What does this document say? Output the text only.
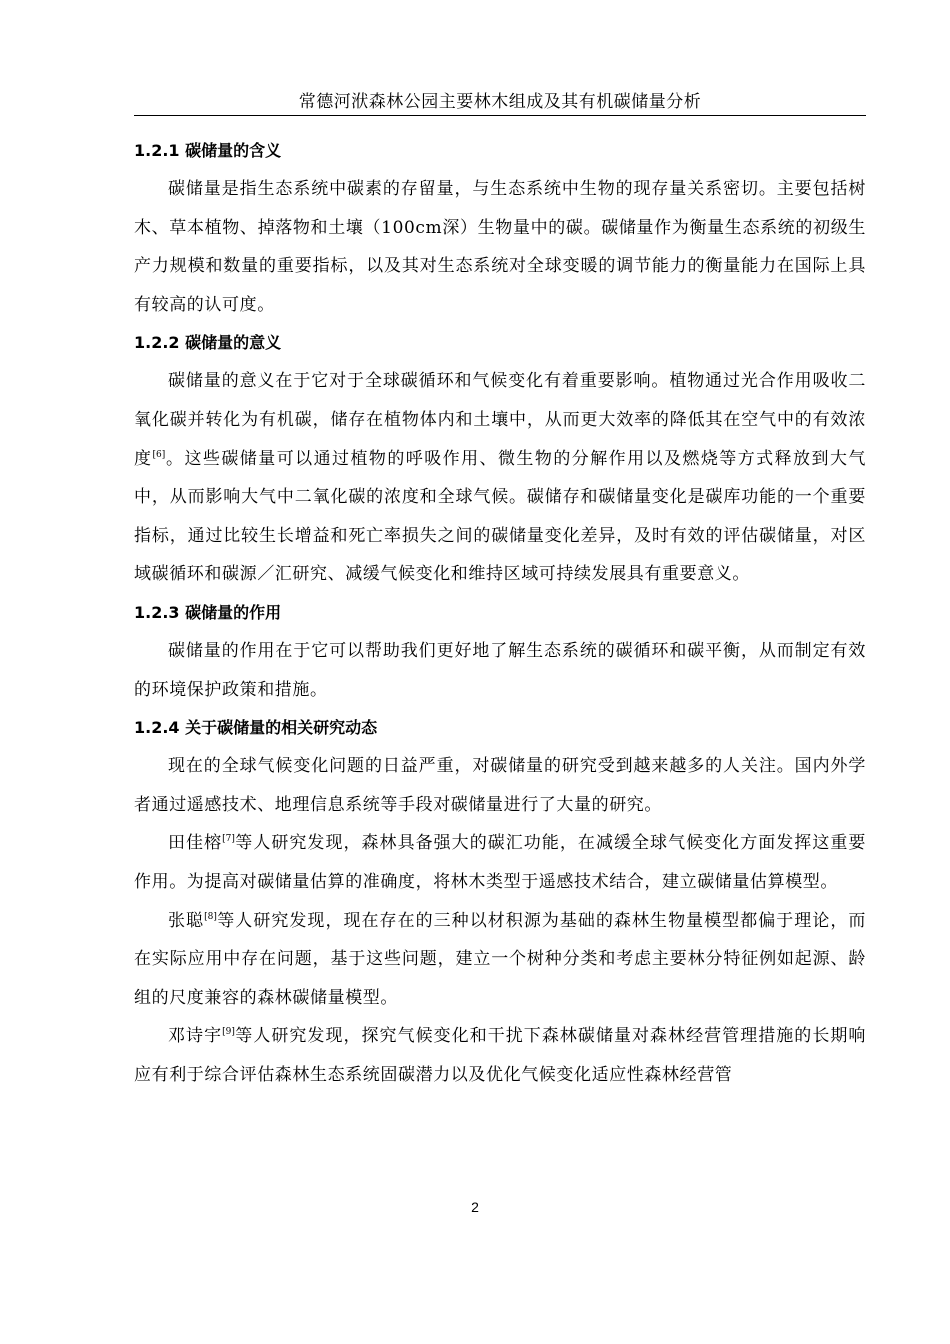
常德河洑森林公园主要林木组成及其有机碳储量分析
1.2.1 碳储量的含义

碳储量是指生态系统中碳素的存留量，与生态系统中生物的现存量关系密切。主要包括树木、草本植物、掉落物和土壤（100cm深）生物量中的碳。碳储量作为衡量生态系统的初级生产力规模和数量的重要指标，以及其对生态系统对全球变暖的调节能力的衡量能力在国际上具有较高的认可度。

1.2.2 碳储量的意义

碳储量的意义在于它对于全球碳循环和气候变化有着重要影响。植物通过光合作用吸收二氧化碳并转化为有机碳，储存在植物体内和土壤中，从而更大效率的降低其在空气中的有效浓度[6]。这些碳储量可以通过植物的呼吸作用、微生物的分解作用以及燃烧等方式释放到大气中，从而影响大气中二氧化碳的浓度和全球气候。碳储存和碳储量变化是碳库功能的一个重要指标，通过比较生长增益和死亡率损失之间的碳储量变化差异，及时有效的评估碳储量，对区域碳循环和碳源／汇研究、减缓气候变化和维持区域可持续发展具有重要意义。

1.2.3 碳储量的作用

碳储量的作用在于它可以帮助我们更好地了解生态系统的碳循环和碳平衡，从而制定有效的环境保护政策和措施。

1.2.4 关于碳储量的相关研究动态

现在的全球气候变化问题的日益严重，对碳储量的研究受到越来越多的人关注。国内外学者通过遥感技术、地理信息系统等手段对碳储量进行了大量的研究。

田佳榕[7]等人研究发现，森林具备强大的碳汇功能，在减缓全球气候变化方面发挥这重要作用。为提高对碳储量估算的准确度，将林木类型于遥感技术结合，建立碳储量估算模型。

张聪[8]等人研究发现，现在存在的三种以材积源为基础的森林生物量模型都偏于理论，而在实际应用中存在问题，基于这些问题，建立一个树种分类和考虑主要林分特征例如起源、龄组的尺度兼容的森林碳储量模型。

邓诗宇[9]等人研究发现，探究气候变化和干扰下森林碳储量对森林经营管理措施的长期响应有利于综合评估森林生态系统固碳潜力以及优化气候变化适应性森林经营管

2
